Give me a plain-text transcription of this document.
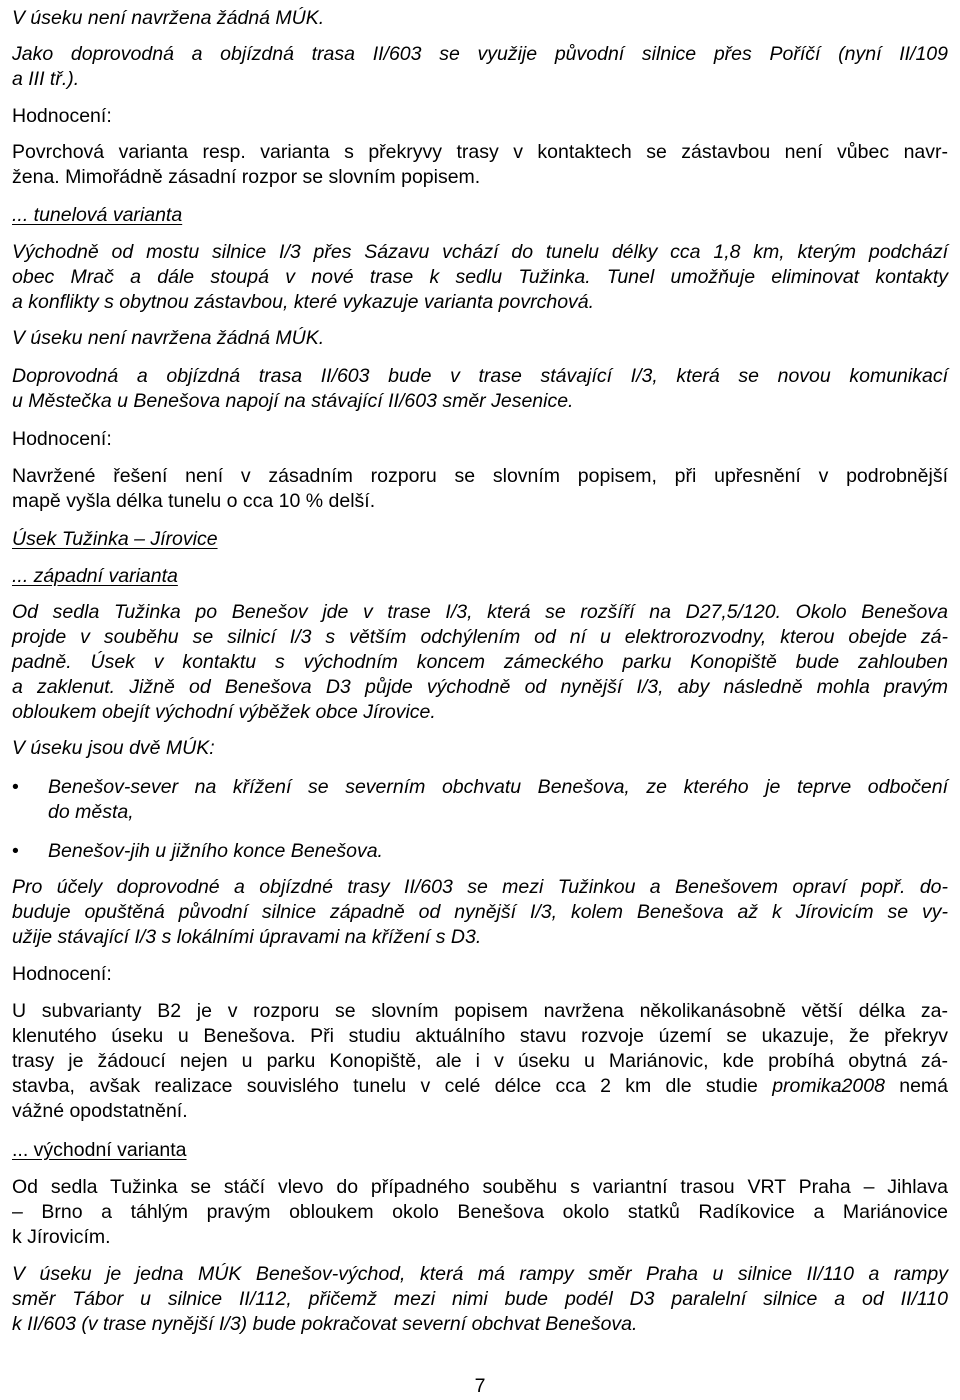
V úseku není navržena žádná MÚK.
Jako doprovodná a objízdná trasa II/603 se využije původní silnice přes Poříčí (nyní II/109
a III tř.).
Hodnocení:
Povrchová varianta resp. varianta s překryvy trasy v kontaktech se zástavbou není vůbec navr-
žena. Mimořádně zásadní rozpor se slovním popisem.
... tunelová varianta
Východně od mostu silnice I/3 přes Sázavu vchází do tunelu délky cca 1,8 km, kterým podchází
obec Mrač a dále stoupá v nové trase k sedlu Tužinka. Tunel umožňuje eliminovat kontakty
a konflikty s obytnou zástavbou, které vykazuje varianta povrchová.
V úseku není navržena žádná MÚK.
Doprovodná a objízdná trasa II/603 bude v trase stávající I/3, která se novou komunikací
u Městečka u Benešova napojí na stávající II/603 směr Jesenice.
Hodnocení:
Navržené řešení není v zásadním rozporu se slovním popisem, při upřesnění v podrobnější
mapě vyšla délka tunelu o cca 10 % delší.
Úsek Tužinka – Jírovice
... západní varianta
Od sedla Tužinka po Benešov jde v trase I/3, která se rozšíří na D27,5/120. Okolo Benešova
projde v souběhu se silnicí I/3 s větším odchýlením od ní u elektrorozvodny, kterou obejde zá-
padně. Úsek v kontaktu s východním koncem zámeckého parku Konopiště bude zahlouben
a zaklenut. Jižně od Benešova D3 půjde východně od nynější I/3, aby následně mohla pravým
obloukem obejít východní výběžek obce Jírovice.
V úseku jsou dvě MÚK:
• Benešov-sever na křížení se severním obchvatu Benešova, ze kterého je teprve odbočení
do města,
• Benešov-jih u jižního konce Benešova.
Pro účely doprovodné a objízdné trasy II/603 se mezi Tužinkou a Benešovem opraví popř. do-
buduje opuštěná původní silnice západně od nynější I/3, kolem Benešova až k Jírovicím se vy-
užije stávající I/3 s lokálními úpravami na křížení s D3.
Hodnocení:
U subvarianty B2 je v rozporu se slovním popisem navržena několikanásobně větší délka za-
klenutého úseku u Benešova. Při studiu aktuálního stavu rozvoje území se ukazuje, že překryv
trasy je žádoucí nejen u parku Konopiště, ale i v úseku u Mariánovic, kde probíhá obytná zá-
stavba, avšak realizace souvislého tunelu v celé délce cca 2 km dle studie promika2008 nemá
vážné opodstatnění.
... východní varianta
Od sedla Tužinka se stáčí vlevo do případného souběhu s variantní trasou VRT Praha – Jihlava
– Brno a táhlým pravým obloukem okolo Benešova okolo statků Radíkovice a Mariánovice
k Jírovicím.
V úseku je jedna MÚK Benešov-východ, která má rampy směr Praha u silnice II/110 a rampy
směr Tábor u silnice II/112, přičemž mezi nimi bude podél D3 paralelní silnice a od II/110
k II/603 (v trase nynější I/3) bude pokračovat severní obchvat Benešova.
7
